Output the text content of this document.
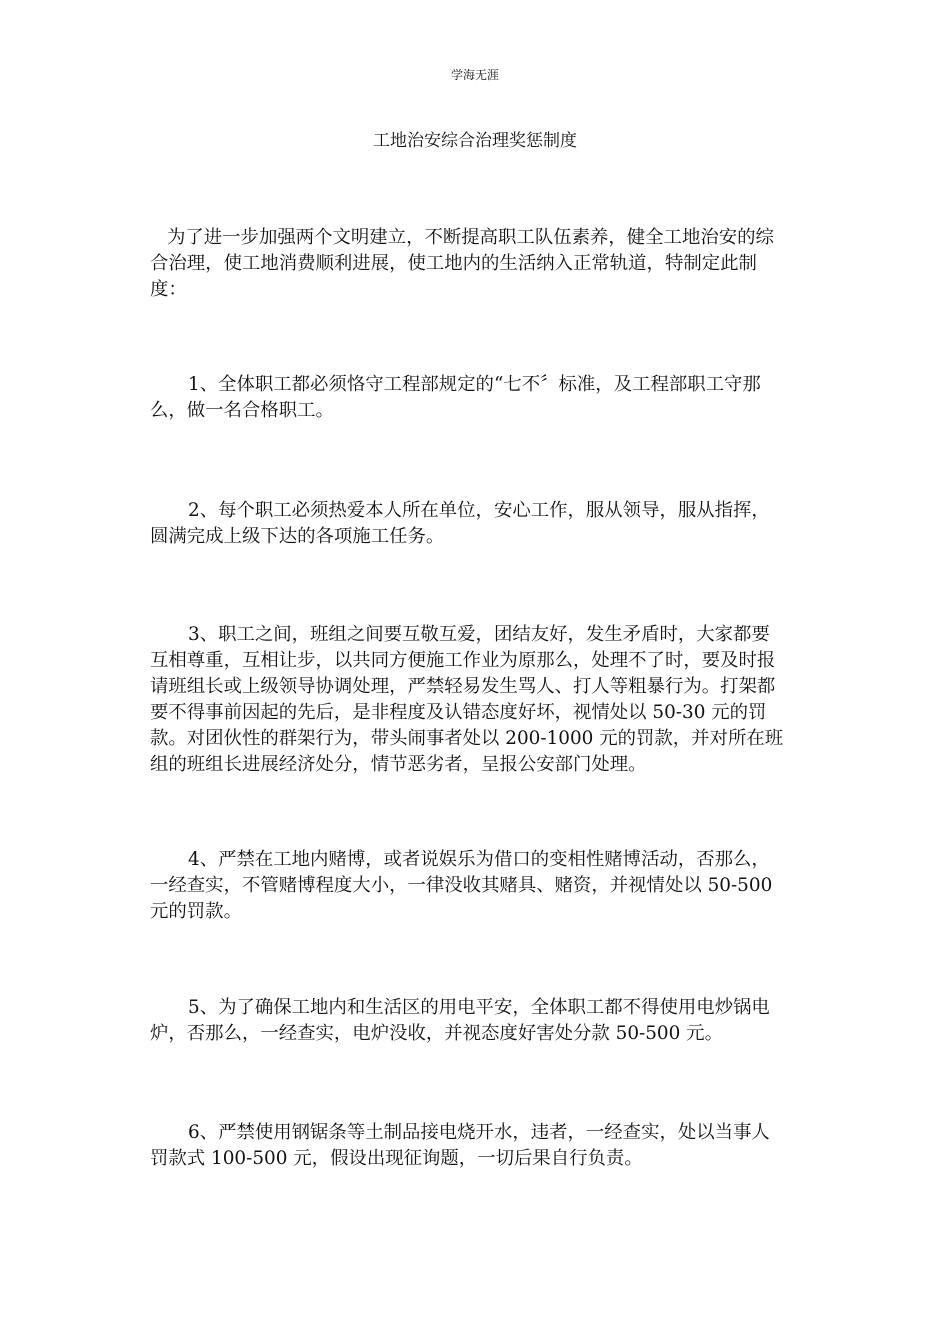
学海无涯
工地治安综合治理奖惩制度
为了进一步加强两个文明建立，不断提高职工队伍素养，健全工地治安的综
合治理，使工地消费顺利进展，使工地内的生活纳入正常轨道，特制定此制
度：
1、全体职工都必须恪守工程部规定的“七不〞标准，及工程部职工守那
么，做一名合格职工。
2、每个职工必须热爱本人所在单位，安心工作，服从领导，服从指挥，
圆满完成上级下达的各项施工任务。
3、职工之间，班组之间要互敬互爱，团结友好，发生矛盾时，大家都要
互相尊重，互相让步，以共同方便施工作业为原那么，处理不了时，要及时报
请班组长或上级领导协调处理，严禁轻易发生骂人、打人等粗暴行为。打架都
要不得事前因起的先后，是非程度及认错态度好坏，视情处以 50-30 元的罚
款。对团伙性的群架行为，带头闹事者处以 200-1000 元的罚款，并对所在班
组的班组长进展经济处分，情节恶劣者，呈报公安部门处理。
4、严禁在工地内赌博，或者说娱乐为借口的变相性赌博活动，否那么，
一经查实，不管赌博程度大小，一律没收其赌具、赌资，并视情处以 50-500
元的罚款。
5、为了确保工地内和生活区的用电平安，全体职工都不得使用电炒锅电
炉，否那么，一经查实，电炉没收，并视态度好害处分款 50-500 元。
6、严禁使用钢锯条等土制品接电烧开水，违者，一经查实，处以当事人
罚款式 100-500 元，假设出现征询题，一切后果自行负责。
